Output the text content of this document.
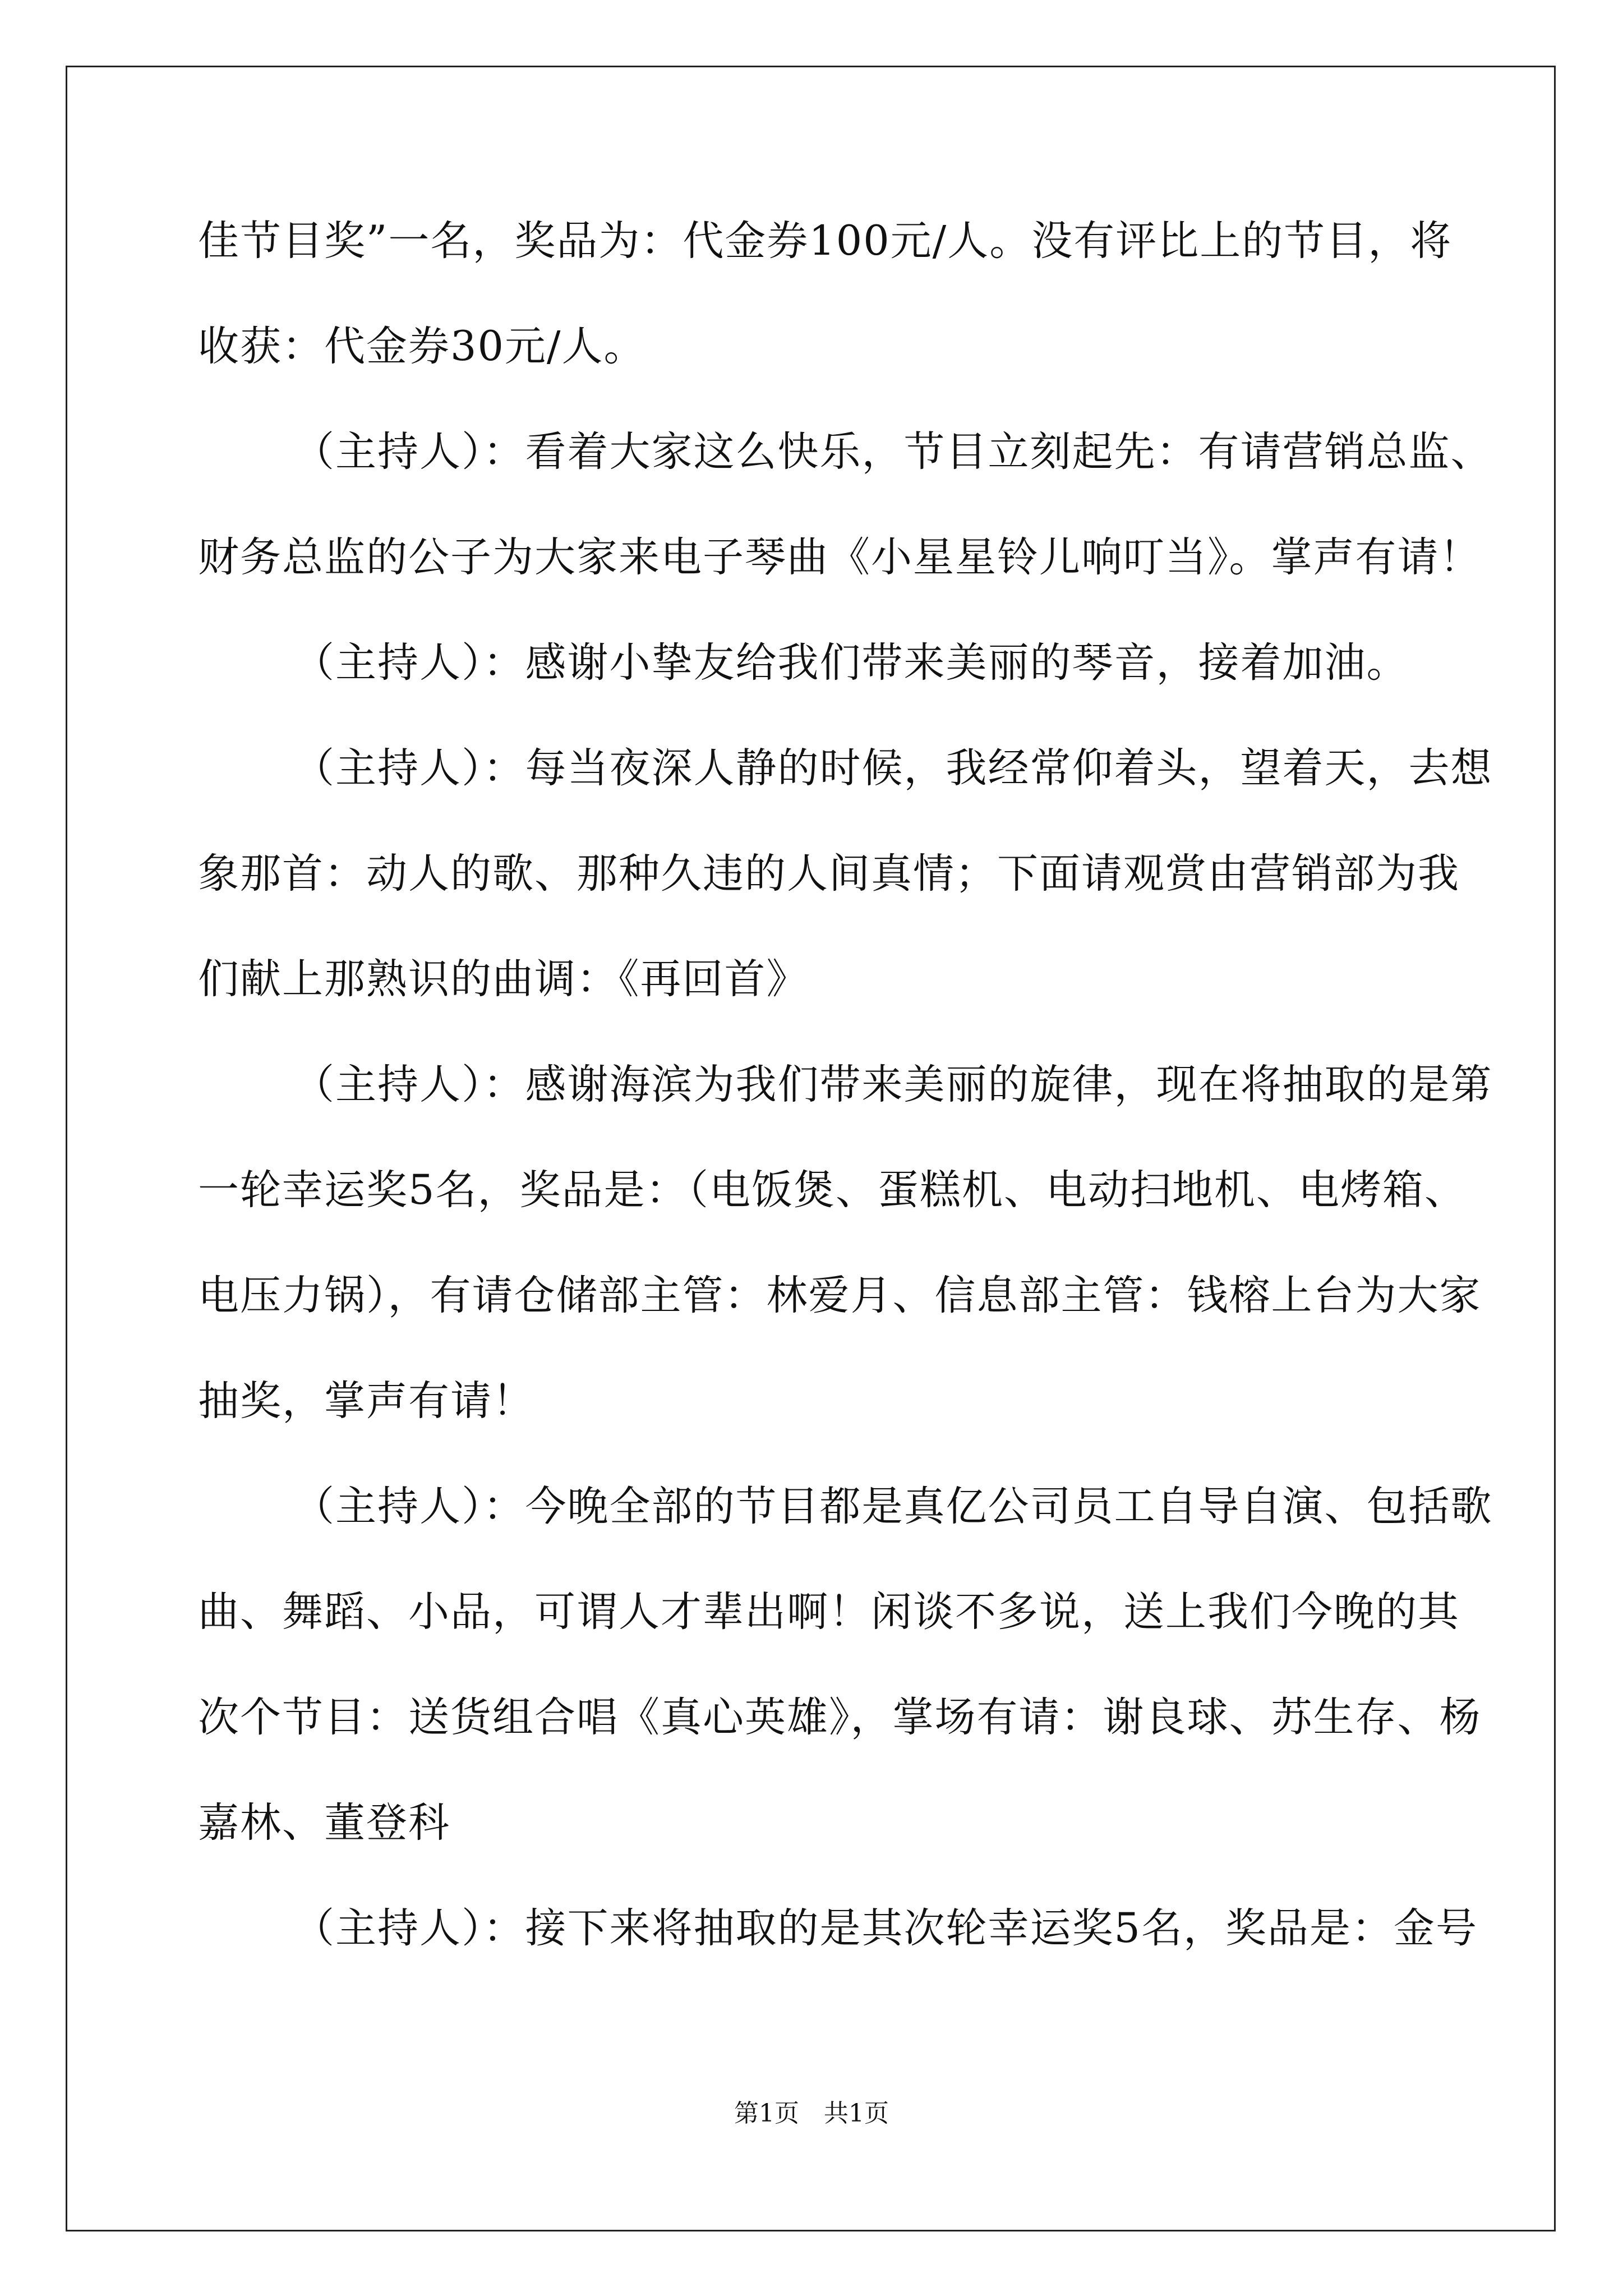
佳节目奖”一名，奖品为：代金券100元/人。没有评比上的节目，将
收获：代金券30元/人。
（主持人）：看着大家这么快乐，节目立刻起先：有请营销总监、
财务总监的公子为大家来电子琴曲《小星星铃儿响叮当》。掌声有请！
（主持人）：感谢小挚友给我们带来美丽的琴音，接着加油。
（主持人）：每当夜深人静的时候，我经常仰着头，望着天，去想
象那首：动人的歌、那种久违的人间真情；下面请观赏由营销部为我
们献上那熟识的曲调：《再回首》
（主持人）：感谢海滨为我们带来美丽的旋律，现在将抽取的是第
一轮幸运奖5名，奖品是：（电饭煲、蛋糕机、电动扫地机、电烤箱、
电压力锅），有请仓储部主管：林爱月、信息部主管：钱榕上台为大家
抽奖，掌声有请！
（主持人）：今晚全部的节目都是真亿公司员工自导自演、包括歌
曲、舞蹈、小品，可谓人才辈出啊！闲谈不多说，送上我们今晚的其
次个节目：送货组合唱《真心英雄》，掌场有请：谢良球、苏生存、杨
嘉林、董登科
（主持人）：接下来将抽取的是其次轮幸运奖5名，奖品是：金号
第1页 共1页
